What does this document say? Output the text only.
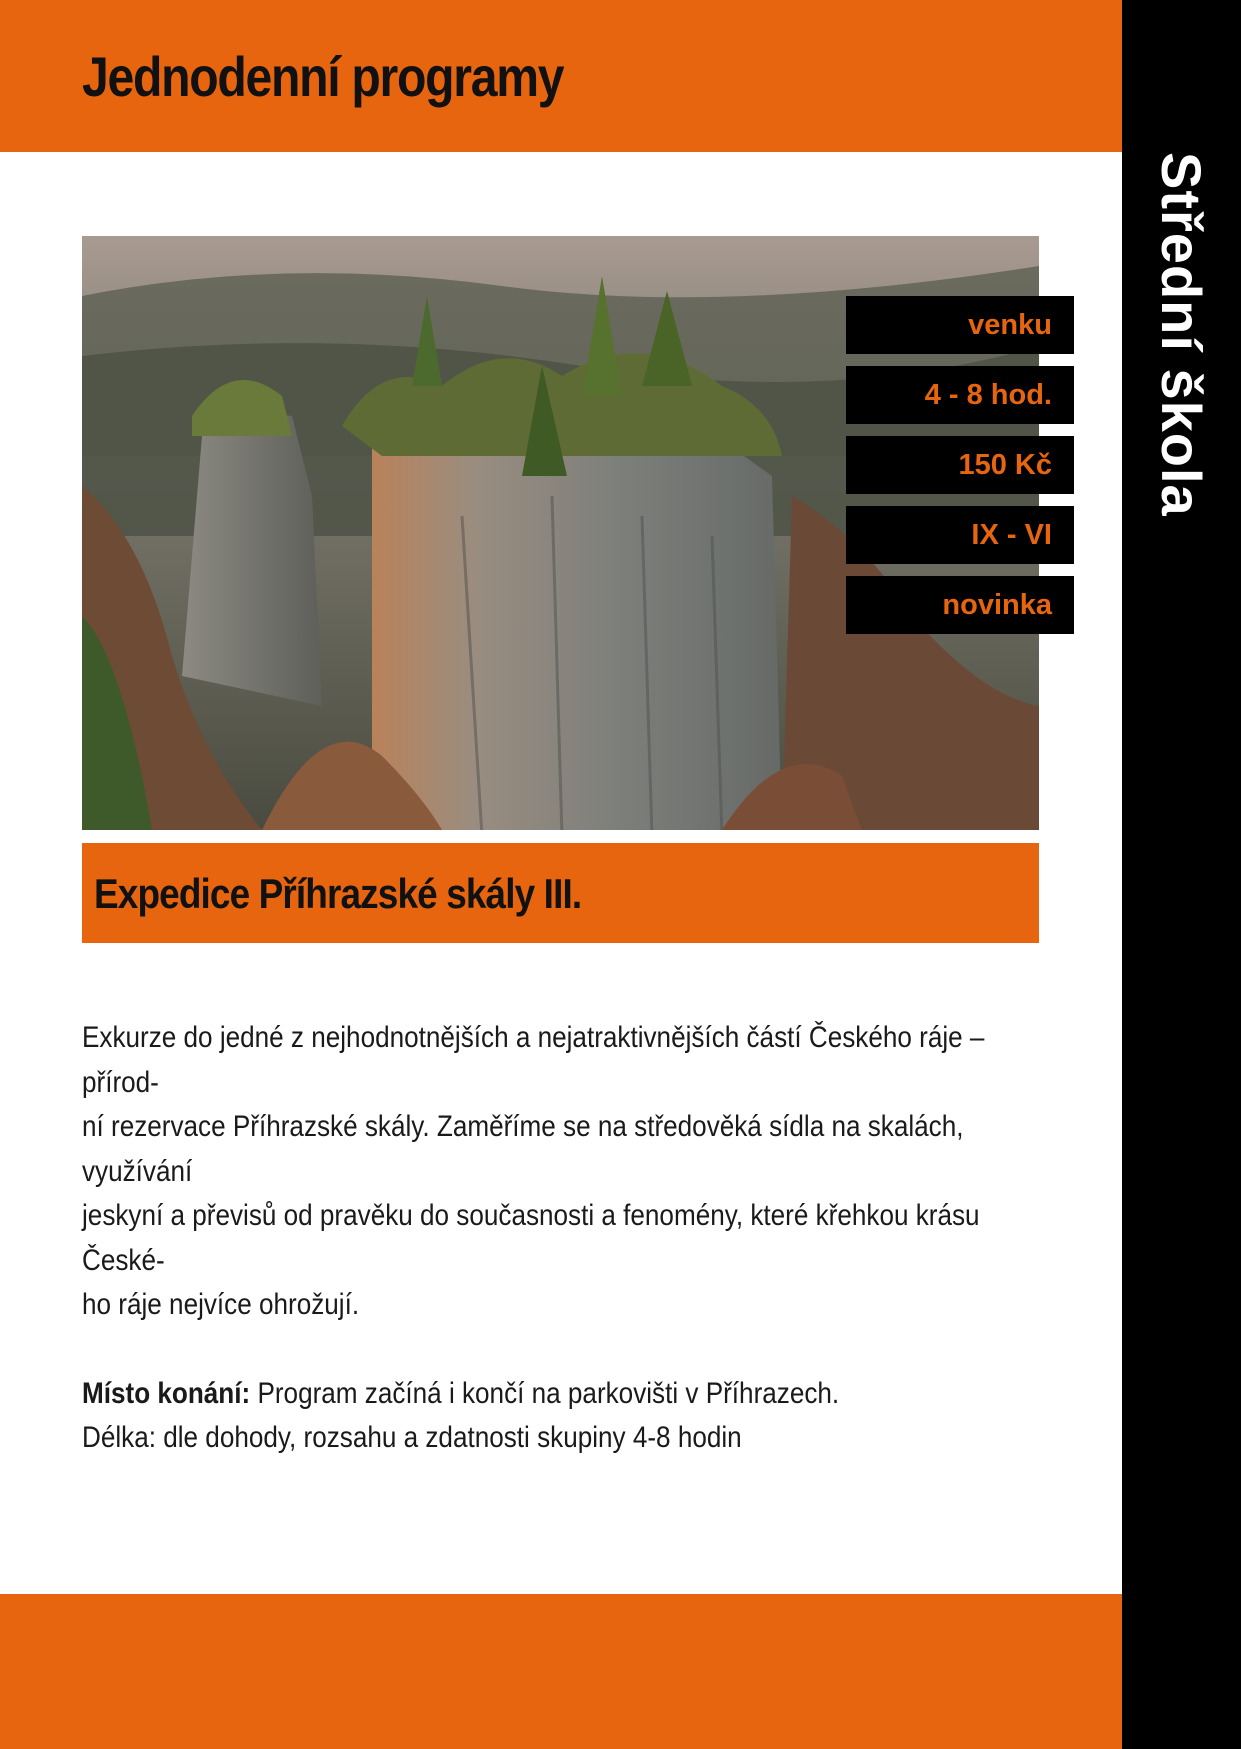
Jednodenní programy
Střední škola
venku
4 - 8 hod.
150 Kč
IX - VI
novinka
Expedice Příhrazské skály III.

Exkurze do jedné z nejhodnotnějších a nejatraktivnějších částí Českého ráje – přírod-

ní rezervace Příhrazské skály. Zaměříme se na středověká sídla na skalách, využívání

jeskyní a převisů od pravěku do současnosti a fenomény, které křehkou krásu České-

ho ráje nejvíce ohrožují.

Místo konání: Program začíná i končí na parkovišti v Příhrazech.

Délka: dle dohody, rozsahu a zdatnosti skupiny 4-8 hodin
